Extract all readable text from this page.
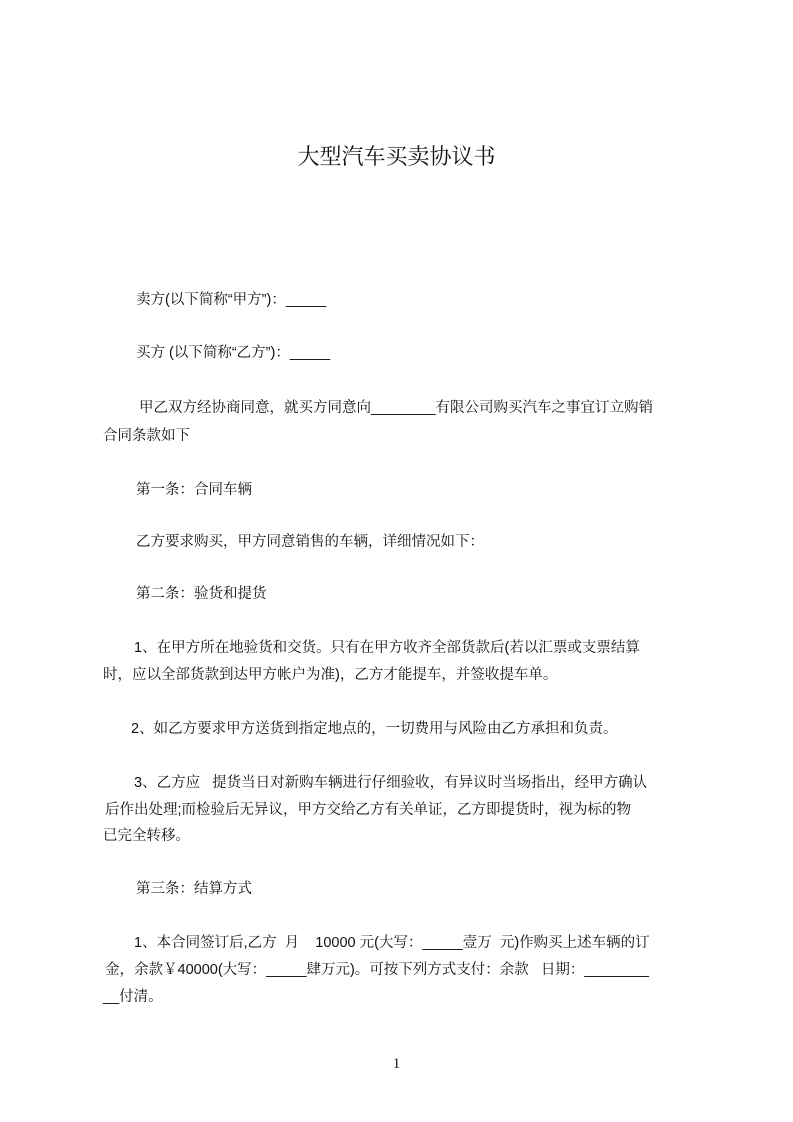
大型汽车买卖协议书
卖方(以下简称“甲方”)：_____
买方 (以下简称“乙方”)：_____
甲乙双方经协商同意，就买方同意向________有限公司购买汽车之事宜订立购销
合同条款如下
第一条：合同车辆
乙方要求购买，甲方同意销售的车辆，详细情况如下：
第二条：验货和提货
1、在甲方所在地验货和交货。只有在甲方收齐全部货款后(若以汇票或支票结算
时，应以全部货款到达甲方帐户为准)，乙方才能提车，并签收提车单。
2、如乙方要求甲方送货到指定地点的，一切费用与风险由乙方承担和负责。
3、乙方应   提货当日对新购车辆进行仔细验收，有异议时当场指出，经甲方确认
后作出处理;而检验后无异议，甲方交给乙方有关单证，乙方即提货时，视为标的物
已完全转移。
第三条：结算方式
1、本合同签订后,乙方  月    10000 元(大写：_____壹万  元)作购买上述车辆的订
金，余款￥40000(大写：_____肆万元)。可按下列方式支付：余款   日期：________
__付清。
1
